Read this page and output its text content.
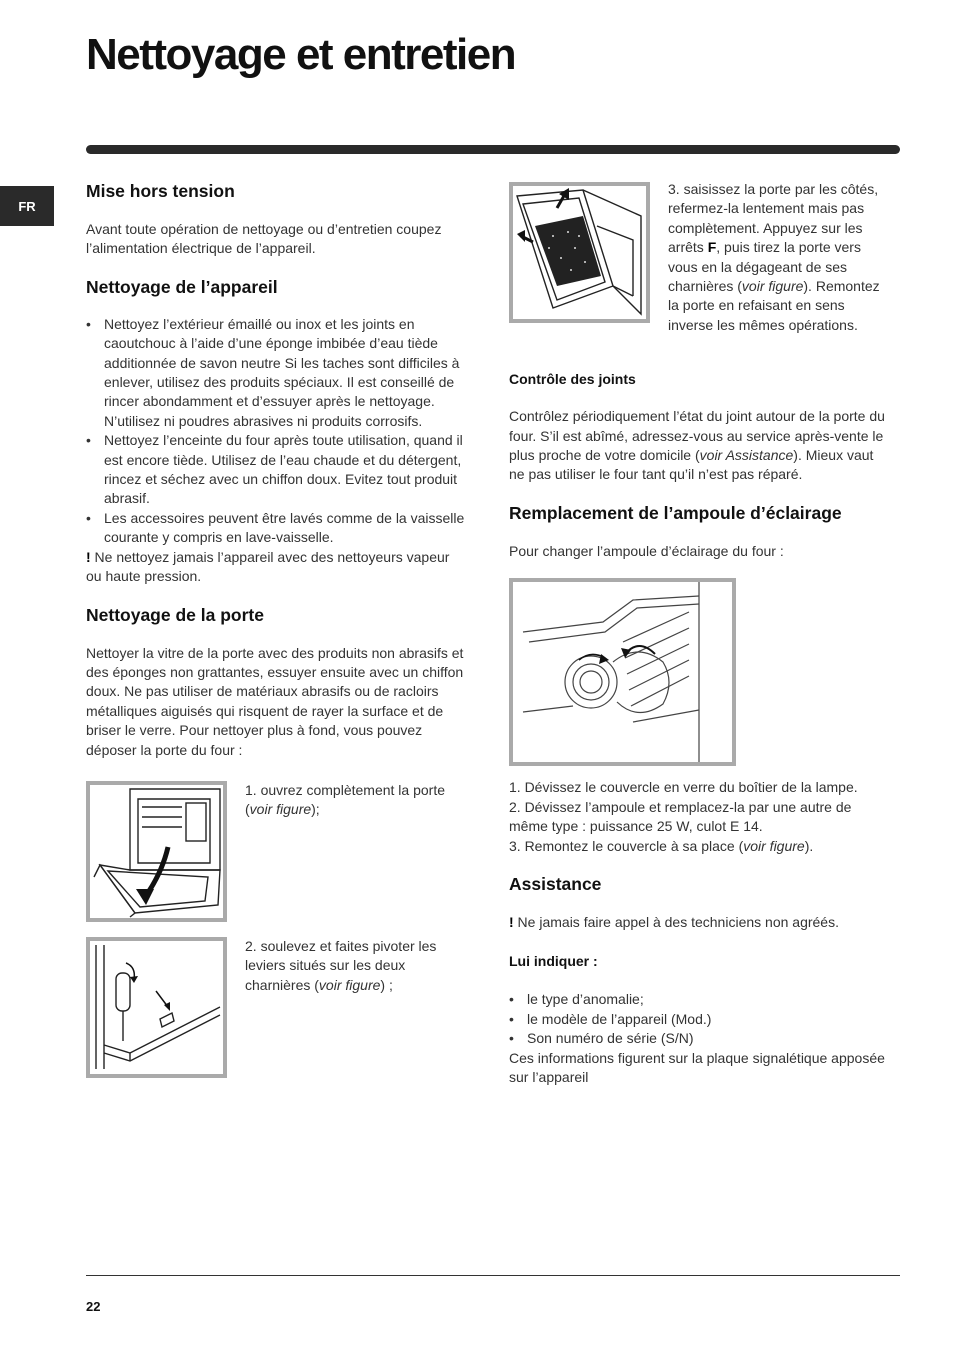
Nettoyage et entretien
FR
Mise hors tension

Avant toute opération de nettoyage ou d’entretien coupez l’alimentation électrique de l’appareil.

Nettoyage de l’appareil
• Nettoyez l’extérieur émaillé ou inox et les joints en caoutchouc à l’aide d’une éponge imbibée d’eau tiède additionnée de savon neutre Si les taches sont difficiles à enlever, utilisez des produits spéciaux. Il est conseillé de rincer abondamment et d’essuyer après le nettoyage. N’utilisez ni poudres abrasives ni produits corrosifs.
• Nettoyez l’enceinte du four après toute utilisation, quand il est encore tiède. Utilisez de l’eau chaude et du détergent, rincez et séchez avec un chiffon doux. Evitez tout produit abrasif.
• Les accessoires peuvent être lavés comme de la vaisselle courante y compris en lave-vaisselle.

! Ne nettoyez jamais l’appareil avec des nettoyeurs vapeur ou haute pression.

Nettoyage de la porte

Nettoyer la vitre de la porte avec des produits non abrasifs et des éponges non grattantes, essuyer ensuite avec un chiffon doux. Ne pas utiliser de matériaux abrasifs ou de racloirs métalliques aiguisés qui risquent de rayer la surface et de briser le verre. Pour nettoyer plus à fond, vous pouvez déposer la porte du four :

1. ouvrez complètement la porte (voir figure);

2. soulevez et faites pivoter les leviers situés sur les deux charnières (voir figure) ;

3. saisissez la porte par les côtés, refermez-la lentement mais pas complètement. Appuyez sur les arrêts F, puis tirez la porte vers vous en la dégageant de ses charnières (voir figure). Remontez la porte en refaisant en sens inverse les mêmes opérations.

Contrôle des joints

Contrôlez périodiquement l’état du joint autour de la porte du four. S’il est abîmé, adressez-vous au service après-vente le plus proche de votre domicile (voir Assistance). Mieux vaut ne pas utiliser le four tant qu’il n’est pas réparé.

Remplacement de l’ampoule d’éclairage

Pour changer l’ampoule d’éclairage du four :

1. Dévissez le couvercle en verre du boîtier de la lampe.

2. Dévissez l’ampoule et remplacez-la par une autre de même type : puissance 25 W, culot E 14.

3. Remontez le couvercle à sa place (voir figure).

Assistance

! Ne jamais faire appel à des techniciens non agréés.

Lui indiquer :
• le type d’anomalie;
• le modèle de l’appareil (Mod.)
• Son numéro de série (S/N)

Ces informations figurent sur la plaque signalétique apposée sur l’appareil

22
